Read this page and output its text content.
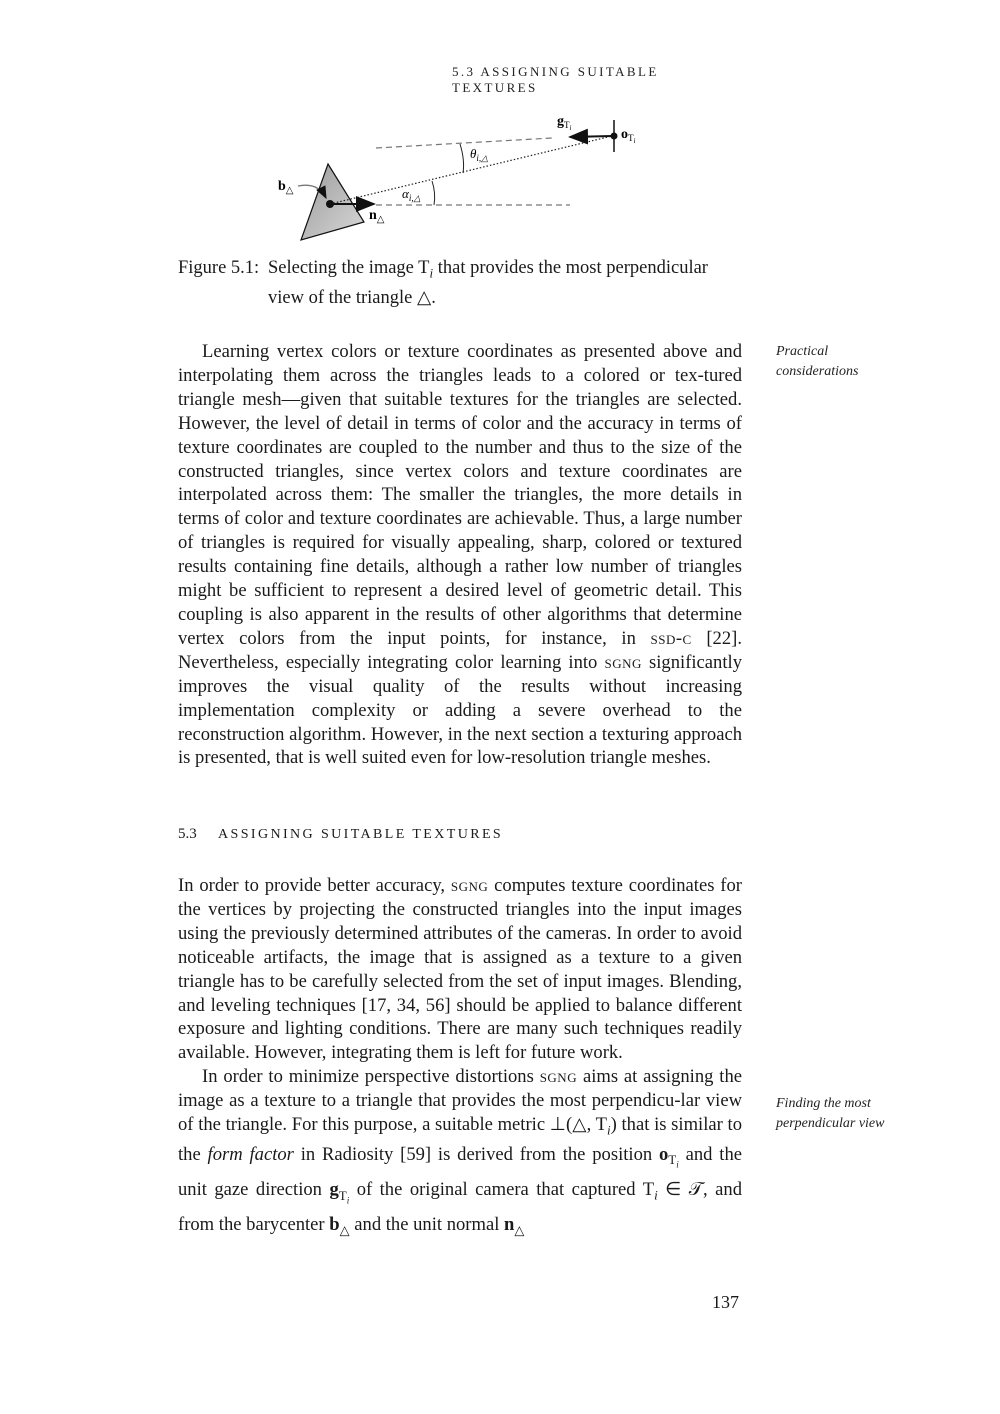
5.3 ASSIGNING SUITABLE TEXTURES
$b_\triangle$
$n_\triangle$
$\alpha_{i,\triangle}$
$\theta_{i,\triangle}$
$g_Ti$	$o_Ti$
Figure 5.1: Selecting the image $T_i$ that provides the most perpendicular
view of the triangle △.

Learning vertex colors or texture coordinates as presented above and interpolating them across the triangles leads to a colored or tex-tured triangle mesh—given that suitable textures for the triangles are selected. However, the level of detail in terms of color and the accuracy in terms of texture coordinates are coupled to the number and thus to the size of the constructed triangles, since vertex colors and texture coordinates are interpolated across them: The smaller the triangles, the more details in terms of color and texture coordinates are achievable. Thus, a large number of triangles is required for visually appealing, sharp, colored or textured results containing fine details, although a rather low number of triangles might be sufficient to represent a desired level of geometric detail. This coupling is also apparent in the results of other algorithms that determine vertex colors from the input points, for instance, in ssd-c [22]. Nevertheless, especially integrating color learning into sgng significantly improves the visual quality of the results without increasing implementation complexity or adding a severe overhead to the reconstruction algorithm. However, in the next section a texturing approach is presented, that is well suited even for low-resolution triangle meshes.

Practical
considerations
5.3 ASSIGNING SUITABLE TEXTURES

In order to provide better accuracy, sgng computes texture coordinates for the vertices by projecting the constructed triangles into the input images using the previously determined attributes of the cameras. In order to avoid noticeable artifacts, the image that is assigned as a texture to a given triangle has to be carefully selected from the set of input images. Blending, and leveling techniques [17, 34, 56] should be applied to balance different exposure and lighting conditions. There are many such techniques readily available. However, integrating them is left for future work.

In order to minimize perspective distortions sgng aims at assigning the image as a texture to a triangle that provides the most perpendicu-lar view of the triangle. For this purpose, a suitable metric ⊥(△, $T_i$) that is similar to the form factor in Radiosity [59] is derived from the position $o_{T_i}$ and the unit gaze direction $g_{T_i}$ of the original camera that captured $T_i$ ∈ 𝒯, and from the barycenter $b_\triangle$ and the unit normal $n_\triangle$

Finding the most
perpendicular view
137
